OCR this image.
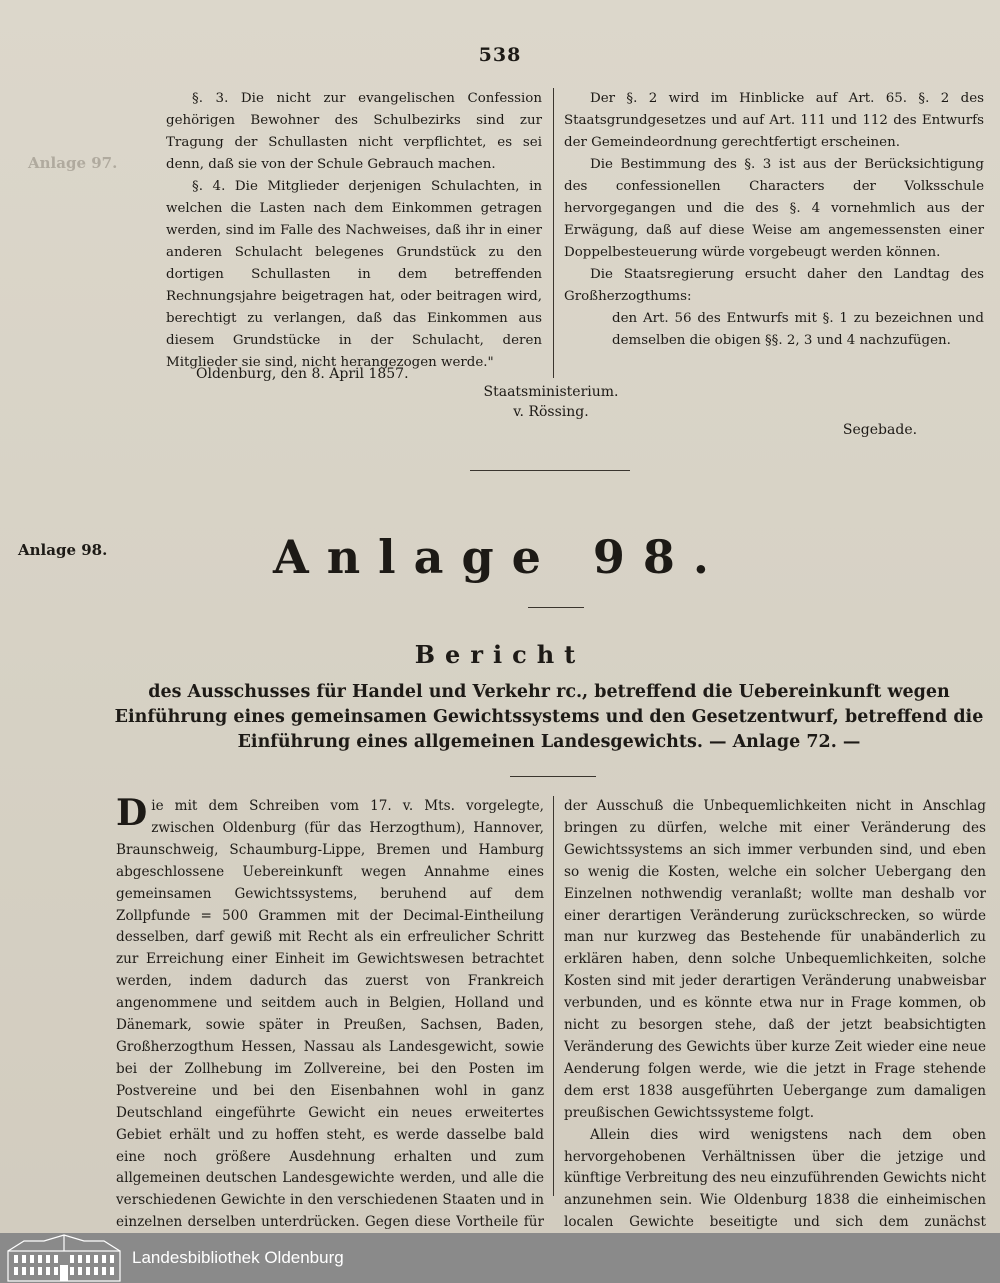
538
Anlage 97.

§. 3. Die nicht zur evangelischen Confession gehörigen Bewohner des Schulbezirks sind zur Tragung der Schullasten nicht verpflichtet, es sei denn, daß sie von der Schule Gebrauch machen.

§. 4. Die Mitglieder derjenigen Schulachten, in welchen die Lasten nach dem Einkommen getragen werden, sind im Falle des Nachweises, daß ihr in einer anderen Schulacht belegenes Grundstück zu den dortigen Schullasten in dem betreffenden Rechnungsjahre beigetragen hat, oder beitragen wird, berechtigt zu verlangen, daß das Einkommen aus diesem Grundstücke in der Schulacht, deren Mitglieder sie sind, nicht herangezogen werde."

Oldenburg, den 8. April 1857.

Der §. 2 wird im Hinblicke auf Art. 65. §. 2 des Staatsgrundgesetzes und auf Art. 111 und 112 des Entwurfs der Gemeindeordnung gerechtfertigt erscheinen.

Die Bestimmung des §. 3 ist aus der Berücksichtigung des confessionellen Characters der Volksschule hervorgegangen und die des §. 4 vornehmlich aus der Erwägung, daß auf diese Weise am angemessensten einer Doppelbesteuerung würde vorgebeugt werden können.

Die Staatsregierung ersucht daher den Landtag des Großherzogthums:

den Art. 56 des Entwurfs mit §. 1 zu bezeichnen und demselben die obigen §§. 2, 3 und 4 nachzufügen.

Staatsministerium.
v. Rössing.
Segebade.
Anlage 98.	Anlage 98.
Bericht
des Ausschusses für Handel und Verkehr rc., betreffend die Uebereinkunft wegen Einführung eines gemeinsamen Gewichtssystems und den Gesetzentwurf, betreffend die Einführung eines allgemeinen Landesgewichts. — Anlage 72. —
Die mit dem Schreiben vom 17. v. Mts. vorgelegte, zwischen Oldenburg (für das Herzogthum), Hannover, Braunschweig, Schaumburg-Lippe, Bremen und Hamburg abgeschlossene Uebereinkunft wegen Annahme eines gemeinsamen Gewichtssystems, beruhend auf dem Zollpfunde = 500 Grammen mit der Decimal-Eintheilung desselben, darf gewiß mit Recht als ein erfreulicher Schritt zur Erreichung einer Einheit im Gewichtswesen betrachtet werden, indem dadurch das zuerst von Frankreich angenommene und seitdem auch in Belgien, Holland und Dänemark, sowie später in Preußen, Sachsen, Baden, Großherzogthum Hessen, Nassau als Landesgewicht, sowie bei der Zollhebung im Zollvereine, bei den Posten im Postvereine und bei den Eisenbahnen wohl in ganz Deutschland eingeführte Gewicht ein neues erweitertes Gebiet erhält und zu hoffen steht, es werde dasselbe bald eine noch größere Ausdehnung erhalten und zum allgemeinen deutschen Landesgewichte werden, und alle die verschiedenen Gewichte in den verschiedenen Staaten und in einzelnen derselben unterdrücken. Gegen diese Vortheile für

der Ausschuß die Unbequemlichkeiten nicht in Anschlag bringen zu dürfen, welche mit einer Veränderung des Gewichtssystems an sich immer verbunden sind, und eben so wenig die Kosten, welche ein solcher Uebergang den Einzelnen nothwendig veranlaßt; wollte man deshalb vor einer derartigen Veränderung zurückschrecken, so würde man nur kurzweg das Bestehende für unabänderlich zu erklären haben, denn solche Unbequemlichkeiten, solche Kosten sind mit jeder derartigen Veränderung unabweisbar verbunden, und es könnte etwa nur in Frage kommen, ob nicht zu besorgen stehe, daß der jetzt beabsichtigten Veränderung des Gewichts über kurze Zeit wieder eine neue Aenderung folgen werde, wie die jetzt in Frage stehende dem erst 1838 ausgeführten Uebergange zum damaligen preußischen Gewichtssysteme folgt.

Allein dies wird wenigstens nach dem oben hervorgehobenen Verhältnissen über die jetzige und künftige Verbreitung des neu einzuführenden Gewichts nicht anzunehmen sein. Wie Oldenburg 1838 die einheimischen localen Gewichte beseitigte und sich dem zunächst

Landesbibliothek Oldenburg
